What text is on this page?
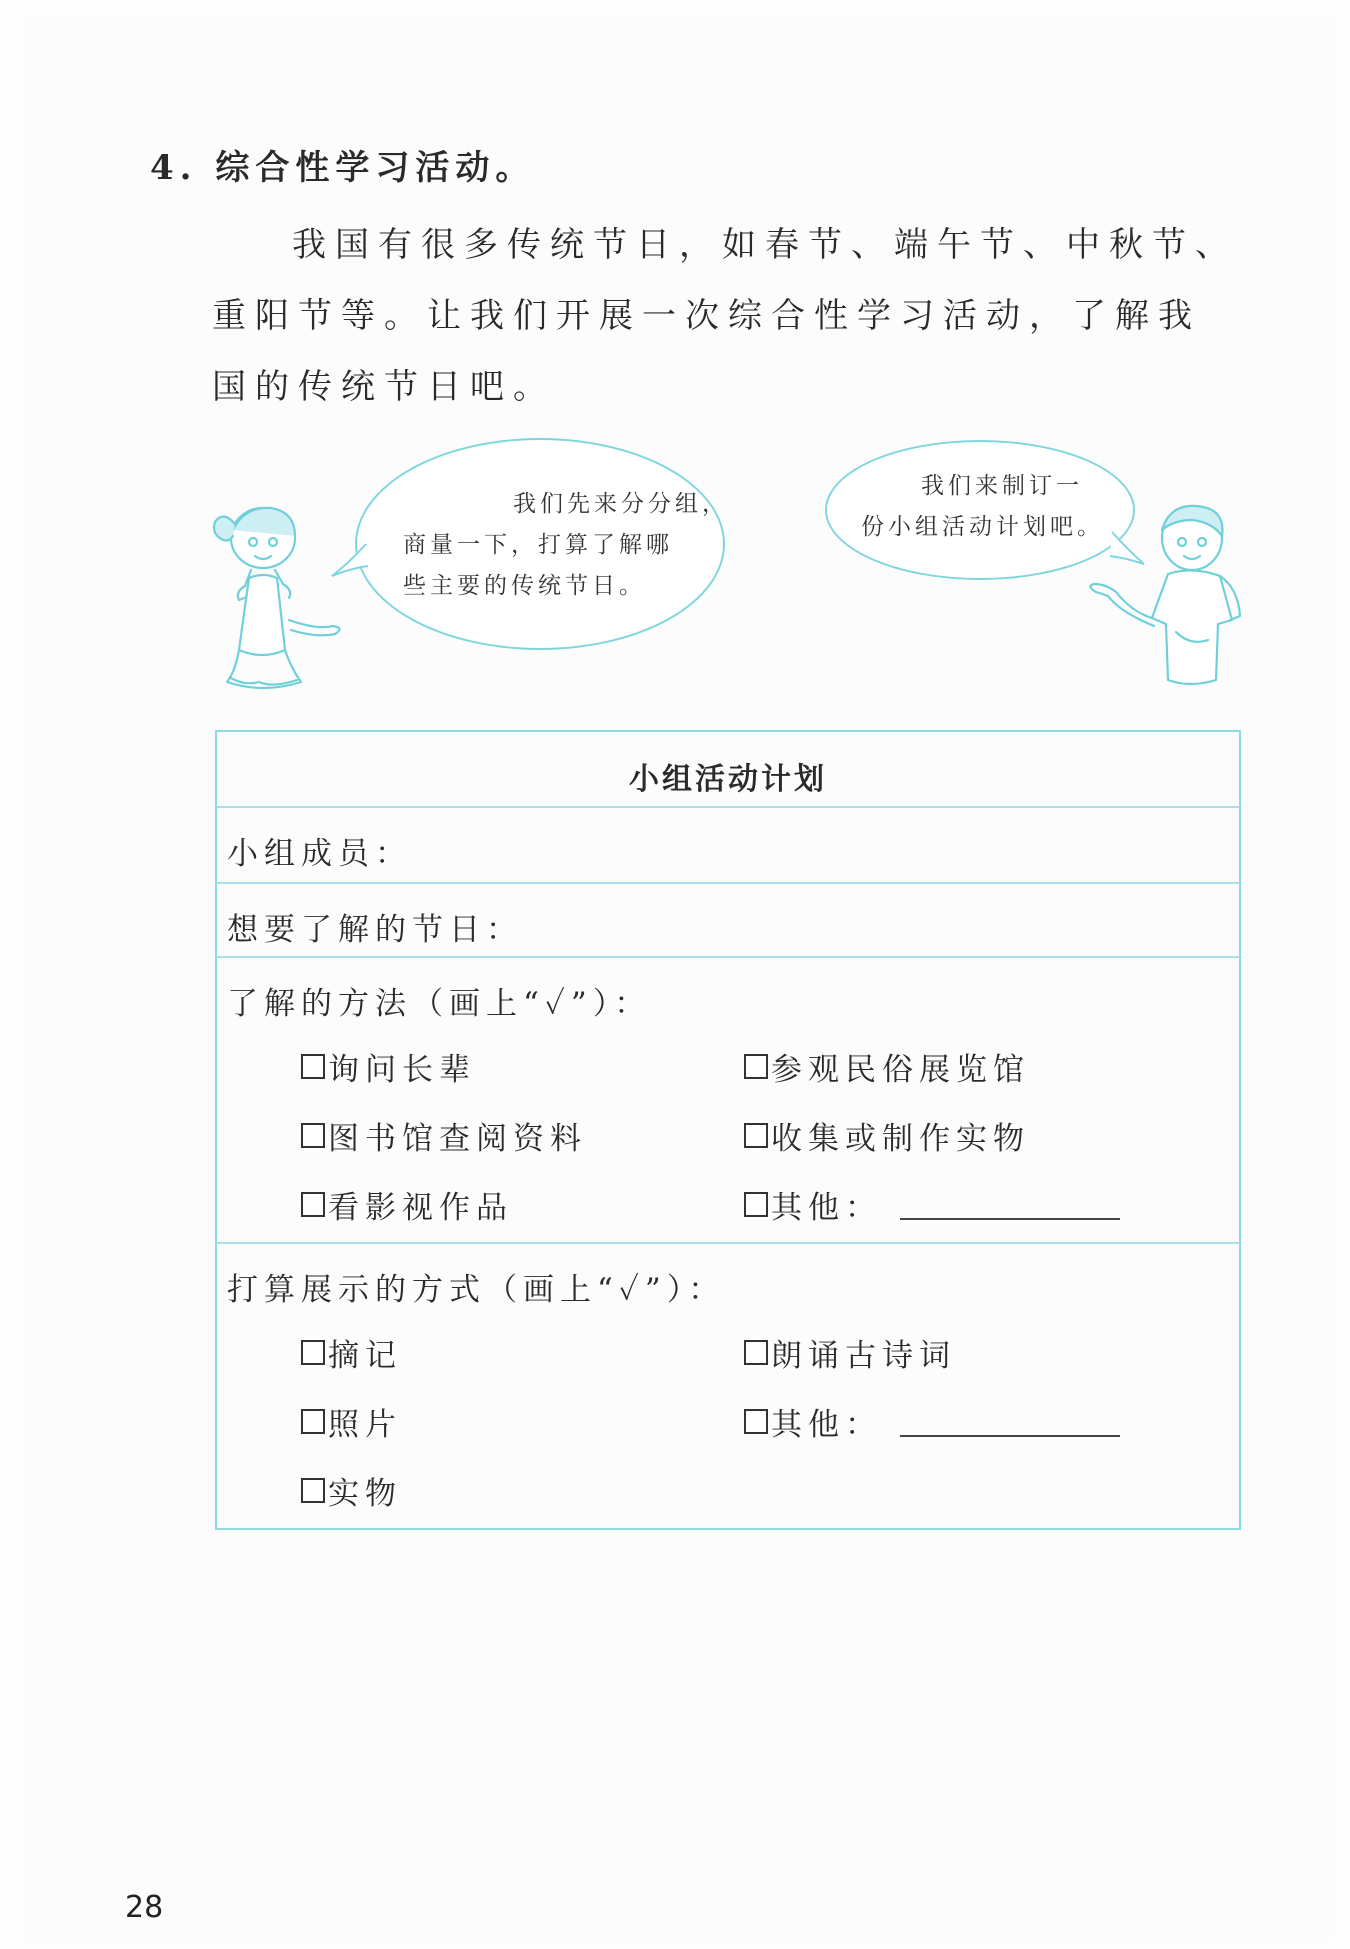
4. 综合性学习活动。
我国有很多传统节日，如春节、端午节、中秋节、重阳节等。让我们开展一次综合性学习活动，了解我国的传统节日吧。
我们先来分分组，
商量一下，打算了解哪
些主要的传统节日。
我们来制订一
份小组活动计划吧。
小组活动计划
小组成员：
想要了解的节日：
了解的方法（画上“✓”）：
询问长辈	参观民俗展览馆
图书馆查阅资料	收集或制作实物
看影视作品	其他：
打算展示的方式（画上“✓”）：
摘记	朗诵古诗词
照片	其他：
实物
28
